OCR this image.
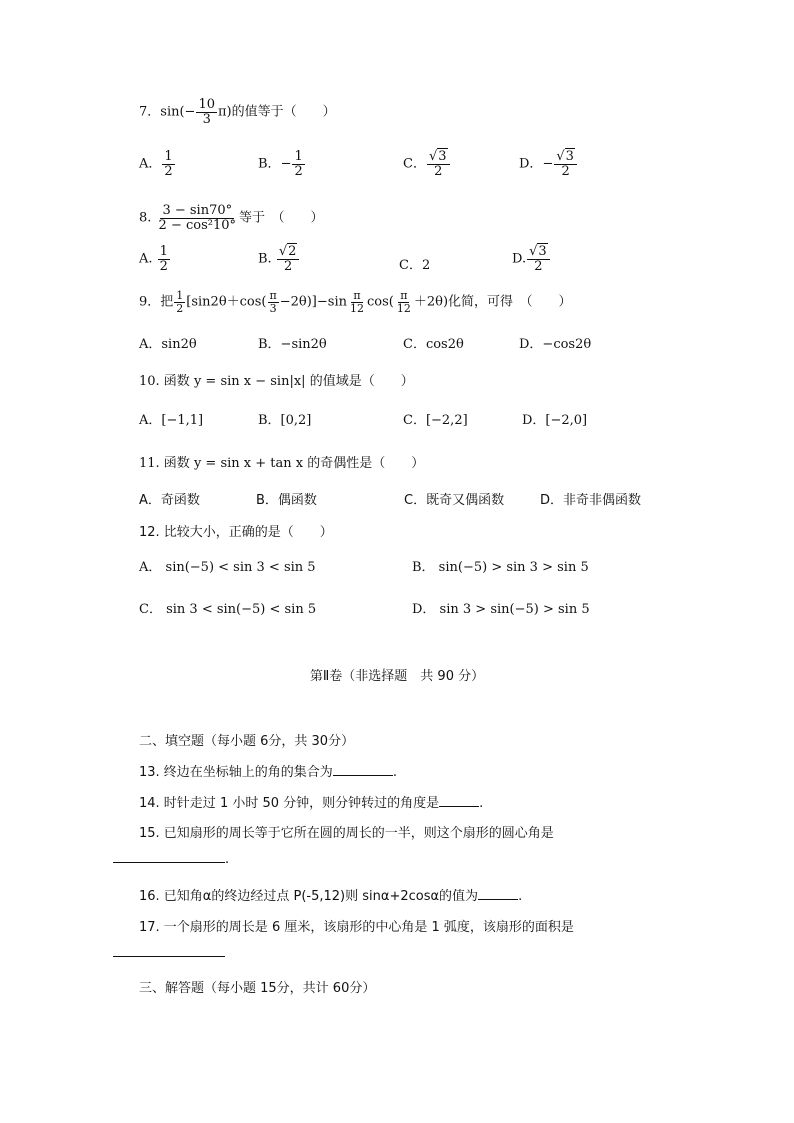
7．$\sin(- \frac{10}{3} \pi)$的值等于（　　）
A． $\frac{1}{2}$	B．− $\frac{1}{2}$	C． $\frac{√3}{2}$	D．− $\frac{√3}{2}$
8. $\frac{3 - \sin 70^\circ}{\text{2 − cos²10°}}$ 等于　（　　）
A. $\frac{1}{2}$	B. $\frac{√2}{2}$	C．2	D. $\frac{√3}{2}$
9．把 $\frac{1}{2} [\sin 2\theta+\cos( \frac{\pi}{3} -2\theta)]-\sin \frac{\pi}{12} \cos( \frac{\pi}{12} +2\theta)$化简，可得　（　　）
A．sin2θ	B．−sin2θ	C．cos2θ	D．−cos2θ
10. 函数 y = sin x − sin|x| 的值域是（　　）
A．[−1,1]	B．[0,2]	C．[−2,2]	D．[−2,0]
11. 函数 y = sin x + tan x 的奇偶性是（　　）
A．奇函数	B．偶函数	C．既奇又偶函数	D．非奇非偶函数
12. 比较大小，正确的是（　　）
A． sin(−5) < sin 3 < sin 5	B． sin(−5) > sin 3 > sin 5
C． sin 3 < sin(−5) < sin 5	D． sin 3 > sin(−5) > sin 5
第Ⅱ卷（非选择题　共 90 分）
二、填空题（每小题 6分，共 30分）
13. 终边在坐标轴上的角的集合为	.
14. 时针走过 1 小时 50 分钟，则分钟转过的角度是	.
15. 已知扇形的周长等于它所在圆的周长的一半，则这个扇形的圆心角是
.
16. 已知角α的终边经过点 P(-5,12)则 sinα+2cosα的值为	.
17. 一个扇形的周长是 6 厘米，该扇形的中心角是 1 弧度，该扇形的面积是
三、解答题（每小题 15分，共计 60分）
